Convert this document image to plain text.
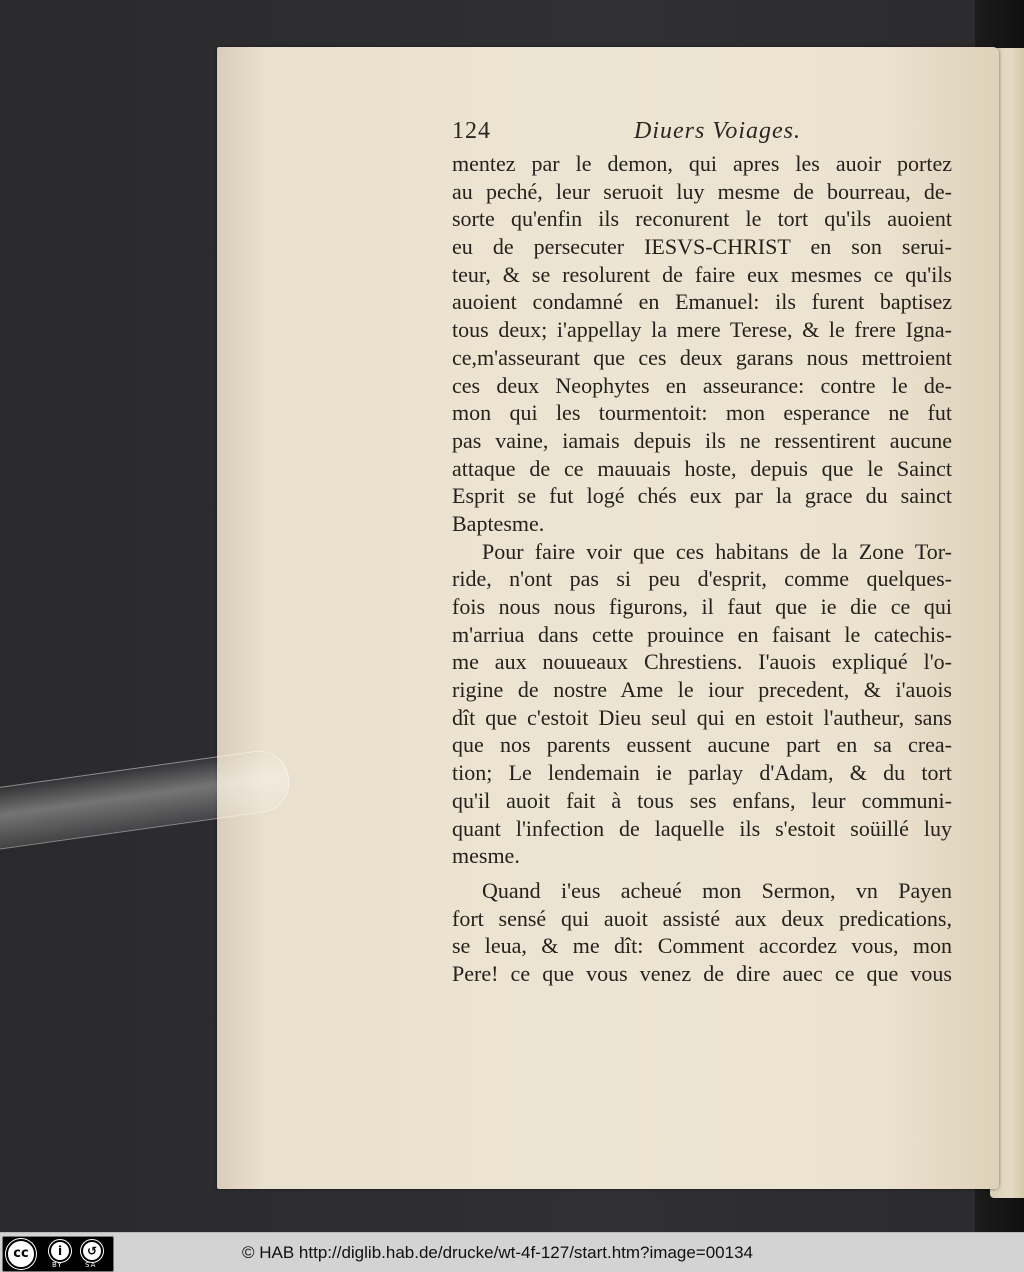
124	Diuers Voiages.
mentez par le demon, qui apres les auoir portez
au peché, leur seruoit luy mesme de bourreau, de-
sorte qu'enfin ils reconurent le tort qu'ils auoient
eu de persecuter IESVS-CHRIST en son serui-
teur, & se resolurent de faire eux mesmes ce qu'ils
auoient condamné en Emanuel: ils furent baptisez
tous deux; i'appellay la mere Terese, & le frere Igna-
ce,m'asseurant que ces deux garans nous mettroient
ces deux Neophytes en asseurance: contre le de-
mon qui les tourmentoit: mon esperance ne fut
pas vaine, iamais depuis ils ne ressentirent aucune
attaque de ce mauuais hoste, depuis que le Sainct
Esprit se fut logé chés eux par la grace du sainct
Baptesme.
Pour faire voir que ces habitans de la Zone Tor-
ride, n'ont pas si peu d'esprit, comme quelques-
fois nous nous figurons, il faut que ie die ce qui
m'arriua dans cette prouince en faisant le catechis-
me aux nouueaux Chrestiens. I'auois expliqué l'o-
rigine de nostre Ame le iour precedent, & i'auois
dît que c'estoit Dieu seul qui en estoit l'autheur, sans
que nos parents eussent aucune part en sa crea-
tion; Le lendemain ie parlay d'Adam, & du tort
qu'il auoit fait à tous ses enfans, leur communi-
quant l'infection de laquelle ils s'estoit soüillé luy
mesme.
Quand i'eus acheué mon Sermon, vn Payen
fort sensé qui auoit assisté aux deux predications,
se leua, & me dît: Comment accordez vous, mon
Pere! ce que vous venez de dire auec ce que vous
cc	i	↺
BY	SA
© HAB http://diglib.hab.de/drucke/wt-4f-127/start.htm?image=00134
